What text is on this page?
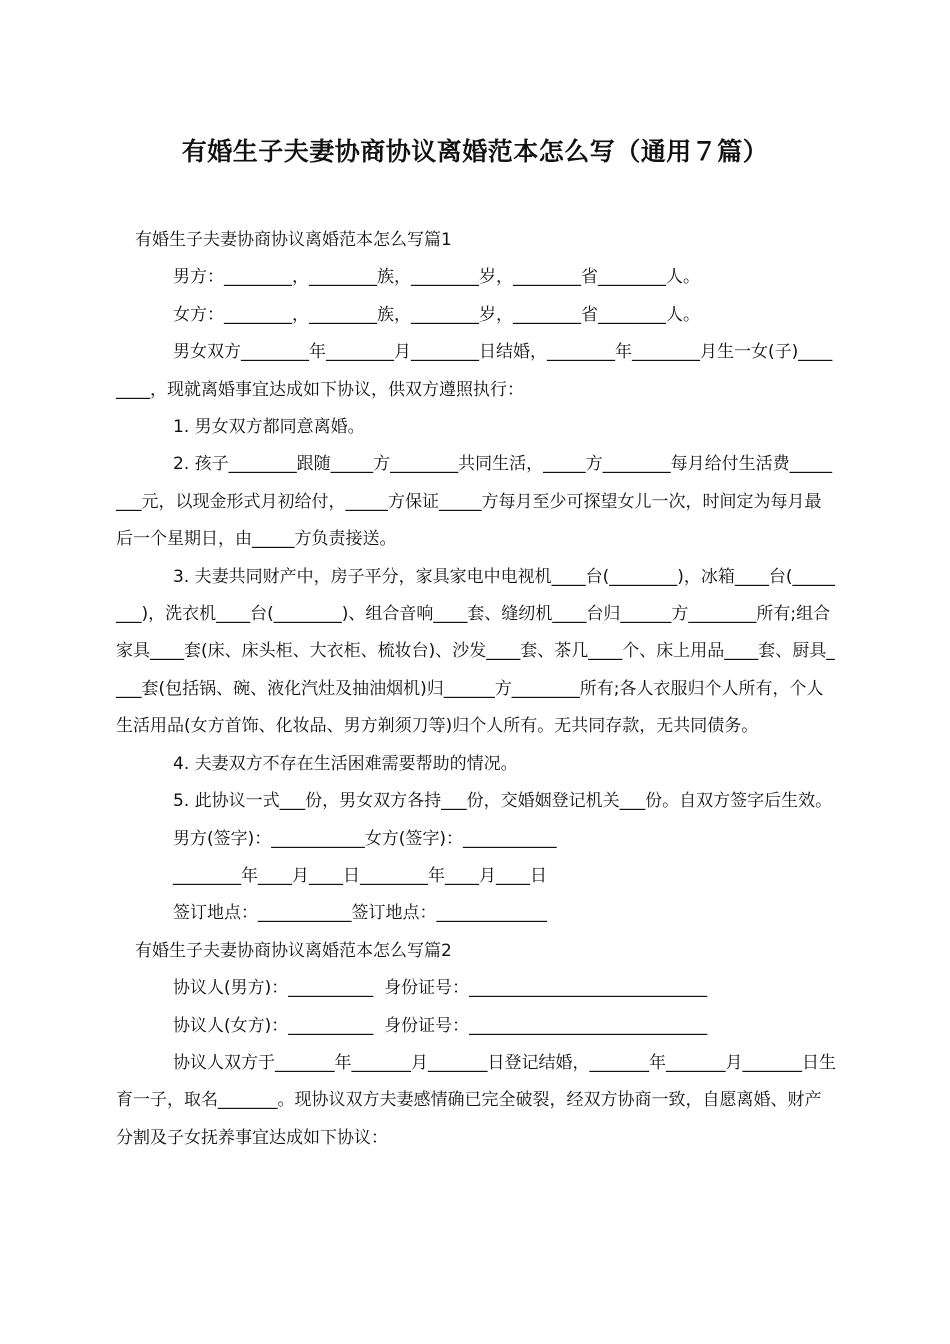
有婚生子夫妻协商协议离婚范本怎么写（通用７篇）

有婚生子夫妻协商协议离婚范本怎么写篇1

男方：________，________族，________岁，________省________人。

女方：________，________族，________岁，________省________人。

男女双方________年________月________日结婚，________年________月生一女(子)________，现就离婚事宜达成如下协议，供双方遵照执行：

1. 男女双方都同意离婚。

2. 孩子________跟随_____方________共同生活，_____方________每月给付生活费________元，以现金形式月初给付，_____方保证_____方每月至少可探望女儿一次，时间定为每月最后一个星期日，由_____方负责接送。

3. 夫妻共同财产中，房子平分，家具家电中电视机____台(________)，冰箱____台(________)，洗衣机____台(________)、组合音响____套、缝纫机____台归______方________所有;组合家具____套(床、床头柜、大衣柜、梳妆台)、沙发____套、茶几____个、床上用品____套、厨具____套(包括锅、碗、液化汽灶及抽油烟机)归______方________所有;各人衣服归个人所有，个人生活用品(女方首饰、化妆品、男方剃须刀等)归个人所有。无共同存款，无共同债务。

4. 夫妻双方不存在生活困难需要帮助的情况。

5. 此协议一式___份，男女双方各持___份，交婚姻登记机关___份。自双方签字后生效。

男方(签字)：___________女方(签字)：___________

________年____月____日________年____月____日

签订地点：___________签订地点：_____________

有婚生子夫妻协商协议离婚范本怎么写篇2

协议人(男方)：__________  身份证号：____________________________

协议人(女方)：__________  身份证号：____________________________

协议人双方于_______年_______月_______日登记结婚，_______年_______月_______日生育一子，取名_______。现协议双方夫妻感情确已完全破裂，经双方协商一致，自愿离婚、财产分割及子女抚养事宜达成如下协议：
